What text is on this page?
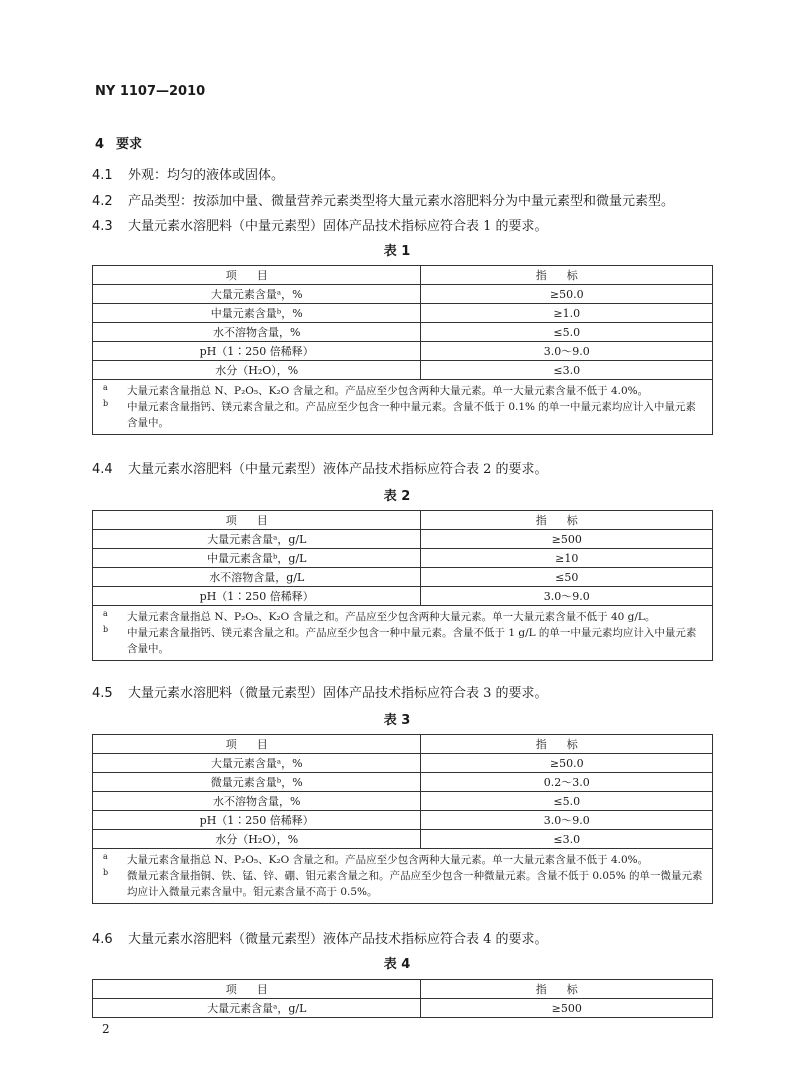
NY 1107—2010
4 要求
4.1 外观：均匀的液体或固体。
4.2 产品类型：按添加中量、微量营养元素类型将大量元素水溶肥料分为中量元素型和微量元素型。
4.3 大量元素水溶肥料（中量元素型）固体产品技术指标应符合表 1 的要求。
表 1
项目	指标
大量元素含量ᵃ，%	≥50.0
中量元素含量ᵇ，%	≥1.0
水不溶物含量，%	≤5.0
pH（1∶250 倍稀释）	3.0～9.0
水分（H₂O），%	≤3.0

a 大量元素含量指总 N、P₂O₅、K₂O 含量之和。产品应至少包含两种大量元素。单一大量元素含量不低于 4.0%。
b 中量元素含量指钙、镁元素含量之和。产品应至少包含一种中量元素。含量不低于 0.1% 的单一中量元素均应计入中量元素含量中。	
4.4 大量元素水溶肥料（中量元素型）液体产品技术指标应符合表 2 的要求。
表 2
项目	指标
大量元素含量ᵃ，g/L	≥500
中量元素含量ᵇ，g/L	≥10
水不溶物含量，g/L	≤50
pH（1∶250 倍稀释）	3.0～9.0

a 大量元素含量指总 N、P₂O₅、K₂O 含量之和。产品应至少包含两种大量元素。单一大量元素含量不低于 40 g/L。
b 中量元素含量指钙、镁元素含量之和。产品应至少包含一种中量元素。含量不低于 1 g/L 的单一中量元素均应计入中量元素含量中。	
4.5 大量元素水溶肥料（微量元素型）固体产品技术指标应符合表 3 的要求。
表 3
项目	指标
大量元素含量ᵃ，%	≥50.0
微量元素含量ᵇ，%	0.2～3.0
水不溶物含量，%	≤5.0
pH（1∶250 倍稀释）	3.0～9.0
水分（H₂O），%	≤3.0

a 大量元素含量指总 N、P₂O₅、K₂O 含量之和。产品应至少包含两种大量元素。单一大量元素含量不低于 4.0%。
b 微量元素含量指铜、铁、锰、锌、硼、钼元素含量之和。产品应至少包含一种微量元素。含量不低于 0.05% 的单一微量元素均应计入微量元素含量中。钼元素含量不高于 0.5%。	
4.6 大量元素水溶肥料（微量元素型）液体产品技术指标应符合表 4 的要求。
表 4
项目	指标
大量元素含量ᵃ，g/L	≥500
2
